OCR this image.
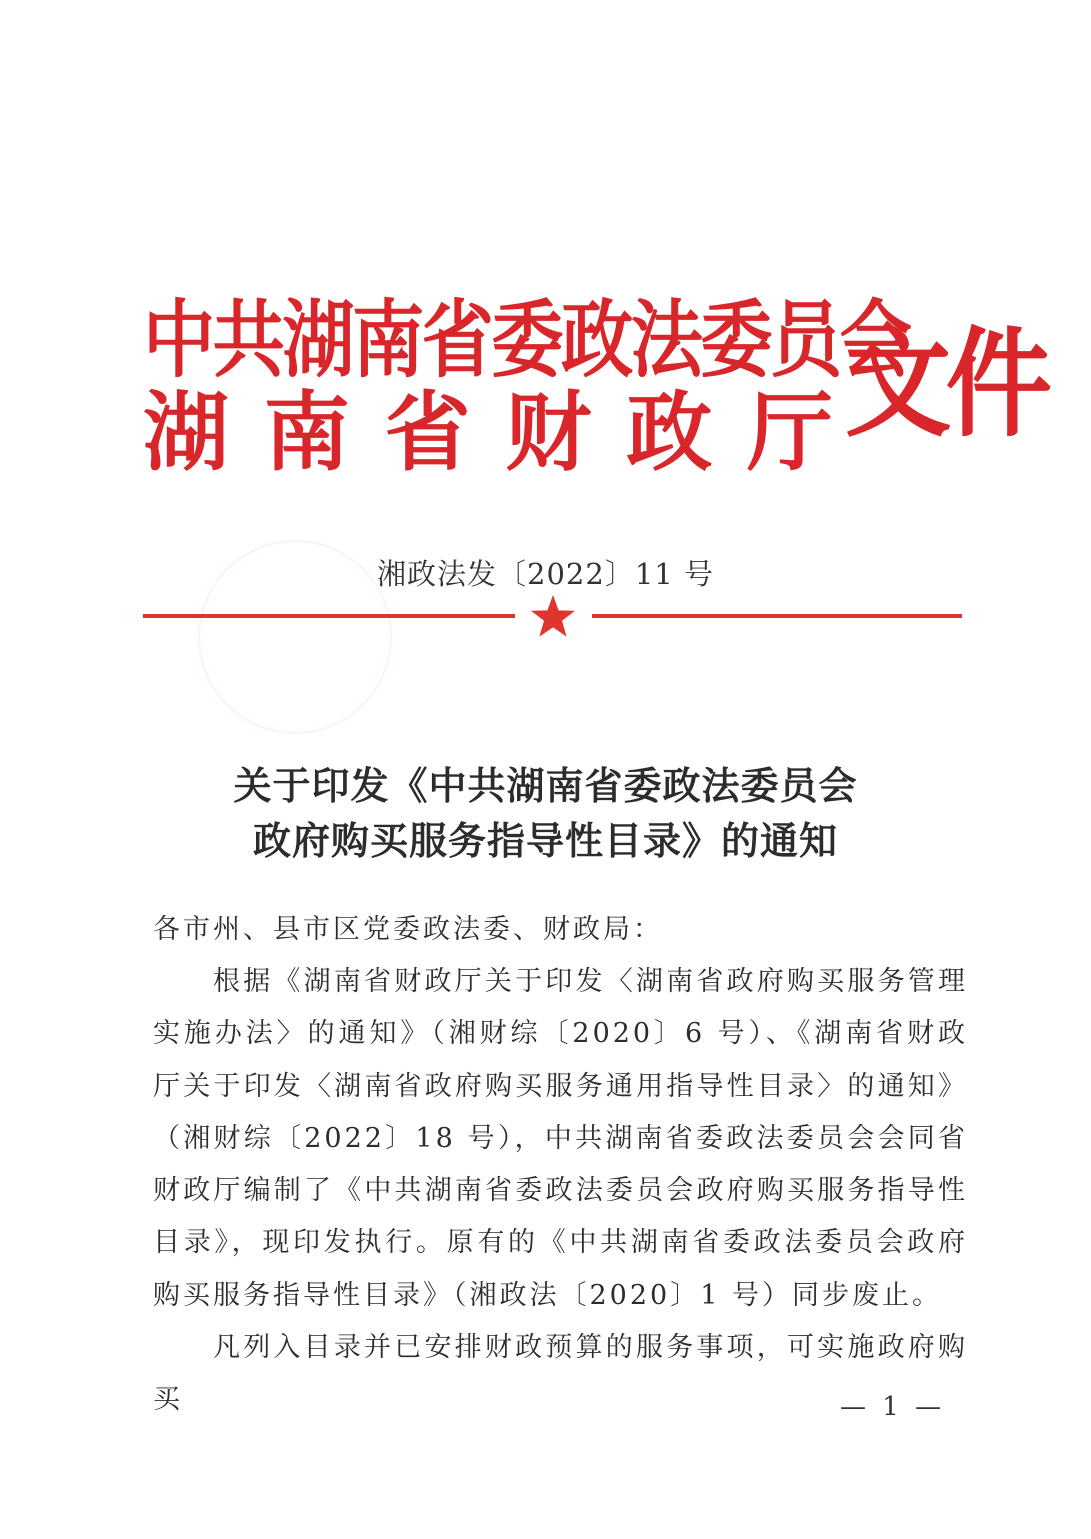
中共湖南省委政法委员会
湖 南 省 财 政 厅 文件
湘政法发〔2022〕11 号
关于印发《中共湖南省委政法委员会
政府购买服务指导性目录》的通知
各市州、县市区党委政法委、财政局：
根据《湖南省财政厅关于印发〈湖南省政府购买服务管理实施办法〉的通知》（湘财综〔2020〕6 号）、《湖南省财政厅关于印发〈湖南省政府购买服务通用指导性目录〉的通知》（湘财综〔2022〕18 号），中共湖南省委政法委员会会同省财政厅编制了《中共湖南省委政法委员会政府购买服务指导性目录》，现印发执行。原有的《中共湖南省委政法委员会政府购买服务指导性目录》（湘政法〔2020〕1 号）同步废止。
凡列入目录并已安排财政预算的服务事项，可实施政府购买	— 1 —
